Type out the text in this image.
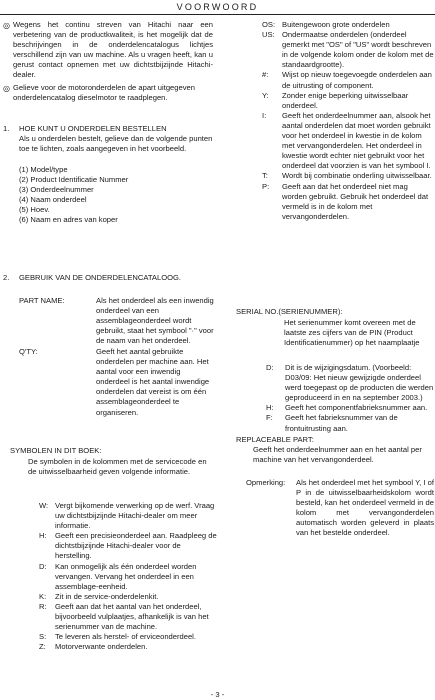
VOORWOORD
◎ Wegens het continu streven van Hitachi naar een verbetering van de productkwaliteit, is het mogelijk dat de beschrijvingen in de onderdelencatalogus lichtjes verschillend zijn van uw machine. Als u vragen heeft, kan u gerust contact opnemen met uw dichtstbijzijnde Hitachi-dealer.

◎ Gelieve voor de motoronderdelen de apart uitgegeven onderdelencatalog dieselmotor te raadplegen.

1. HOE KUNT U ONDERDELEN BESTELLEN

Als u onderdelen bestelt, gelieve dan de volgende punten toe te lichten, zoals aangegeven in het voorbeeld.

(1) Model/type
(2) Product Identificatie Nummer
(3) Onderdeelnummer
(4) Naam onderdeel
(5) Hoev.
(6) Naam en adres van koper
2. GEBRUIK VAN DE ONDERDELENCATALOOG.
PART NAME:	Als het onderdeel als een inwendig onderdeel van een assemblageonderdeel wordt gebruikt, staat het symbool "·" voor de naam van het onderdeel.

Q'TY:	Geeft het aantal gebruikte onderdelen per machine aan. Het aantal voor een inwendig onderdeel is het aantal inwendige onderdelen dat vereist is om één assemblageonderdeel te organiseren.

SYMBOLEN IN DIT BOEK:

De symbolen in de kolommen met de servicecode en de uitwisselbaarheid geven volgende informatie.

W: Vergt bijkomende verwerking op de werf. Vraag uw dichtstbijzijnde Hitachi-dealer om meer informatie.
H:	Geeft een precisieonderdeel aan. Raadpleeg de dichtstbijzijnde Hitachi-dealer voor de herstelling.
D:	Kan onmogelijk als één onderdeel worden vervangen. Vervang het onderdeel in een assemblage-eenheid.
K:	Zit in de service-onderdelenkit.
R:	Geeft aan dat het aantal van het onderdeel, bijvoorbeeld vulplaatjes, afhankelijk is van het serienummer van de machine.
S:	Te leveren als herstel- of erviceonderdeel.
Z:	Motorverwante onderdelen.
OS: Buitengewoon grote onderdelen
US: Ondermaatse onderdelen (onderdeel gemerkt met "OS" of "US" wordt beschreven in de volgende kolom onder de kolom met de standaardgrootte).
#:	Wijst op nieuw toegevoegde onderdelen aan de uitrusting of component.
Y:	Zonder enige beperking uitwisselbaar onderdeel.
I:	Geeft het onderdeelnummer aan, alsook het aantal onderdelen dat moet worden gebruikt voor het onderdeel in kwestie in de kolom met vervangonderdelen. Het onderdeel in kwestie wordt echter niet gebruikt voor het onderdeel dat voorzien is van het symbool I.
T:	Wordt bij combinatie onderling uitwisselbaar.
P:	Geeft aan dat het onderdeel niet mag worden gebruikt. Gebruik het onderdeel dat vermeld is in de kolom met vervangonderdelen.
SERIAL NO.(SERIENUMMER):

Het serienummer komt overeen met de laatste zes cijfers van de PIN (Product Identificatienummer) op het naamplaatje

D:	Dit is de wijzigingsdatum. (Voorbeeld: D03/09: Het nieuw gewijzigde onderdeel werd toegepast op de producten die werden geproduceerd in en na september 2003.)
H:	Geeft het componentfabrieksnummer aan.
F:	Geeft het fabrieksnummer van de frontuitrusting aan.
REPLACEABLE PART:

Geeft het onderdeelnummer aan en het aantal per machine van het vervangonderdeel.

Opmerking: Als het onderdeel met het symbool Y, I of P in de uitwisselbaarheidskolom wordt besteld, kan het onderdeel vermeld in de kolom met vervangonderdelen automatisch worden geleverd in plaats van het bestelde onderdeel.

- 3 -
